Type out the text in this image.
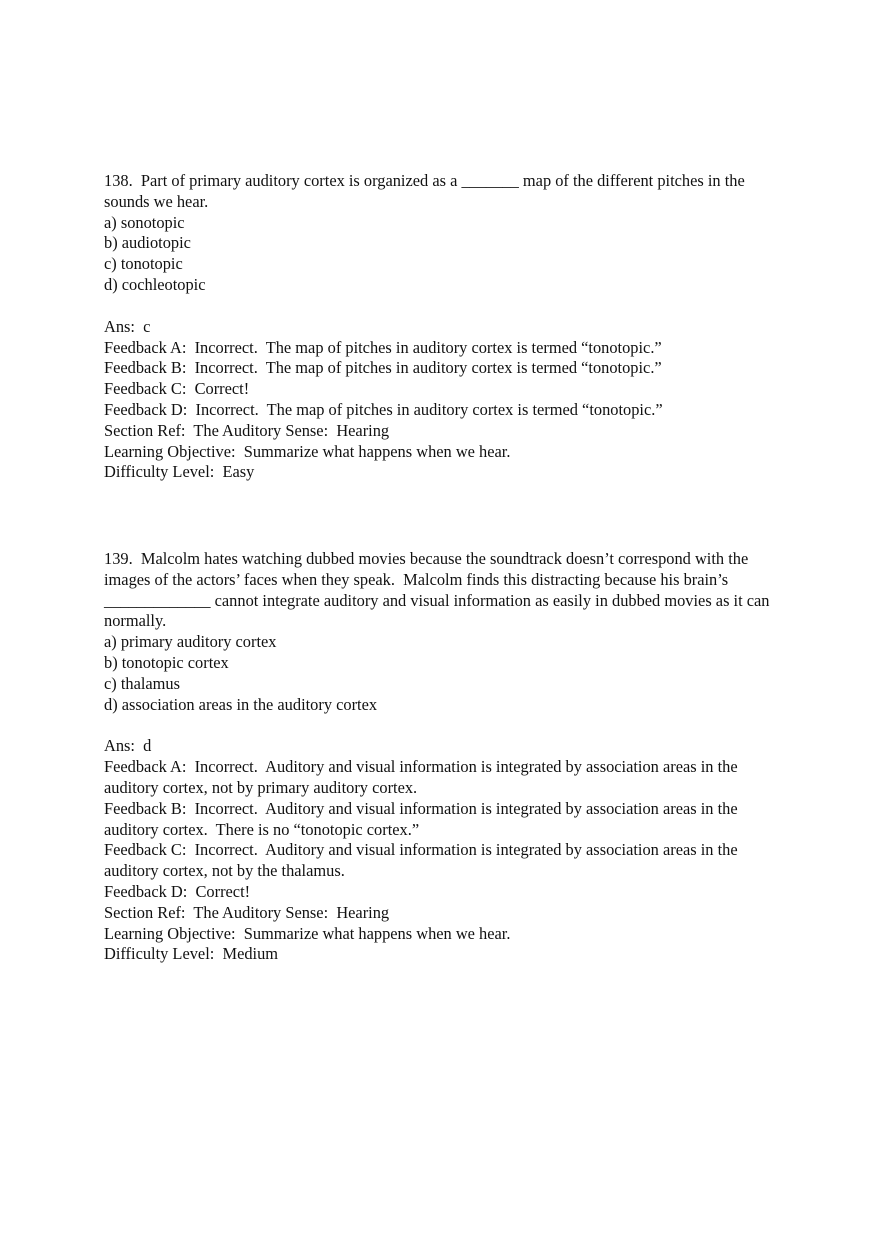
138.  Part of primary auditory cortex is organized as a _______ map of the different pitches in the sounds we hear.

a) sonotopic

b) audiotopic

c) tonotopic

d) cochleotopic

Ans:  c

Feedback A:  Incorrect.  The map of pitches in auditory cortex is termed “tonotopic.”

Feedback B:  Incorrect.  The map of pitches in auditory cortex is termed “tonotopic.”

Feedback C:  Correct!

Feedback D:  Incorrect.  The map of pitches in auditory cortex is termed “tonotopic.”

Section Ref:  The Auditory Sense:  Hearing

Learning Objective:  Summarize what happens when we hear.

Difficulty Level:  Easy

139.  Malcolm hates watching dubbed movies because the soundtrack doesn’t correspond with the images of the actors’ faces when they speak.  Malcolm finds this distracting because his brain’s _____________ cannot integrate auditory and visual information as easily in dubbed movies as it can normally.

a) primary auditory cortex

b) tonotopic cortex

c) thalamus

d) association areas in the auditory cortex

Ans:  d

Feedback A:  Incorrect.  Auditory and visual information is integrated by association areas in the auditory cortex, not by primary auditory cortex.

Feedback B:  Incorrect.  Auditory and visual information is integrated by association areas in the auditory cortex.  There is no “tonotopic cortex.”

Feedback C:  Incorrect.  Auditory and visual information is integrated by association areas in the auditory cortex, not by the thalamus.

Feedback D:  Correct!

Section Ref:  The Auditory Sense:  Hearing

Learning Objective:  Summarize what happens when we hear.

Difficulty Level:  Medium
